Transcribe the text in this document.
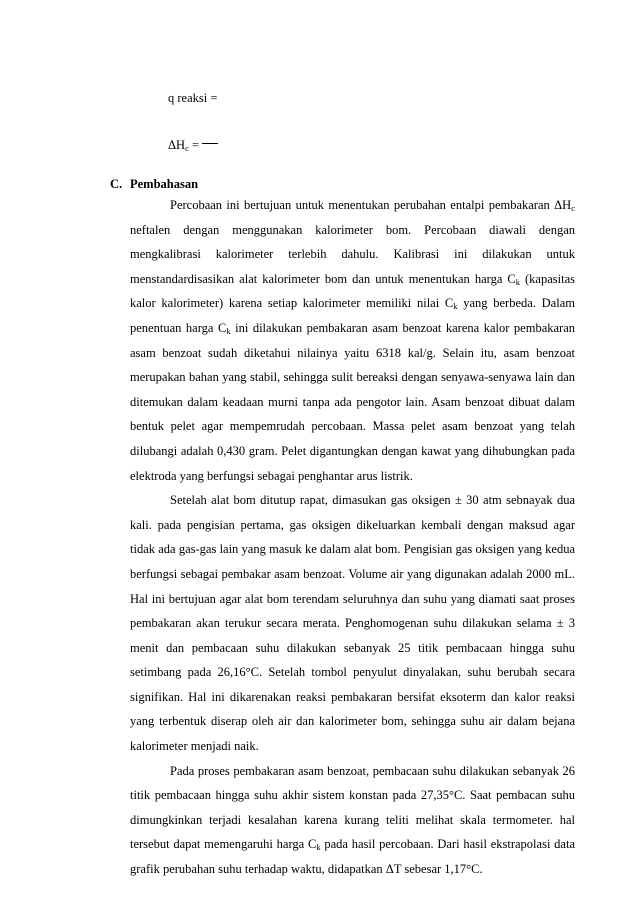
q reaksi =
$\Delta H_c$ =
C. Pembahasan

Percobaan ini bertujuan untuk menentukan perubahan entalpi pembakaran $\Delta H_c$ neftalen dengan menggunakan kalorimeter bom. Percobaan diawali dengan mengkalibrasi kalorimeter terlebih dahulu. Kalibrasi ini dilakukan untuk menstandardisasikan alat kalorimeter bom dan untuk menentukan harga $C_k$ (kapasitas kalor kalorimeter) karena setiap kalorimeter memiliki nilai $C_k$ yang berbeda. Dalam penentuan harga $C_k$ ini dilakukan pembakaran asam benzoat karena kalor pembakaran asam benzoat sudah diketahui nilainya yaitu 6318 kal/g. Selain itu, asam benzoat merupakan bahan yang stabil, sehingga sulit bereaksi dengan senyawa-senyawa lain dan ditemukan dalam keadaan murni tanpa ada pengotor lain. Asam benzoat dibuat dalam bentuk pelet agar mempemrudah percobaan. Massa pelet asam benzoat yang telah dilubangi adalah 0,430 gram. Pelet digantungkan dengan kawat yang dihubungkan pada elektroda yang berfungsi sebagai penghantar arus listrik.

Setelah alat bom ditutup rapat, dimasukan gas oksigen ± 30 atm sebnayak dua kali. pada pengisian pertama, gas oksigen dikeluarkan kembali dengan maksud agar tidak ada gas-gas lain yang masuk ke dalam alat bom. Pengisian gas oksigen yang kedua berfungsi sebagai pembakar asam benzoat. Volume air yang digunakan adalah 2000 mL. Hal ini bertujuan agar alat bom terendam seluruhnya dan suhu yang diamati saat proses pembakaran akan terukur secara merata. Penghomogenan suhu dilakukan selama ± 3 menit dan pembacaan suhu dilakukan sebanyak 25 titik pembacaan hingga suhu setimbang pada 26,16°C. Setelah tombol penyulut dinyalakan, suhu berubah secara signifikan. Hal ini dikarenakan reaksi pembakaran bersifat eksoterm dan kalor reaksi yang terbentuk diserap oleh air dan kalorimeter bom, sehingga suhu air dalam bejana kalorimeter menjadi naik.

Pada proses pembakaran asam benzoat, pembacaan suhu dilakukan sebanyak 26 titik pembacaan hingga suhu akhir sistem konstan pada 27,35°C. Saat pembacan suhu dimungkinkan terjadi kesalahan karena kurang teliti melihat skala termometer. hal tersebut dapat memengaruhi harga $C_k$ pada hasil percobaan. Dari hasil ekstrapolasi data grafik perubahan suhu terhadap waktu, didapatkan ΔT sebesar 1,17°C.
